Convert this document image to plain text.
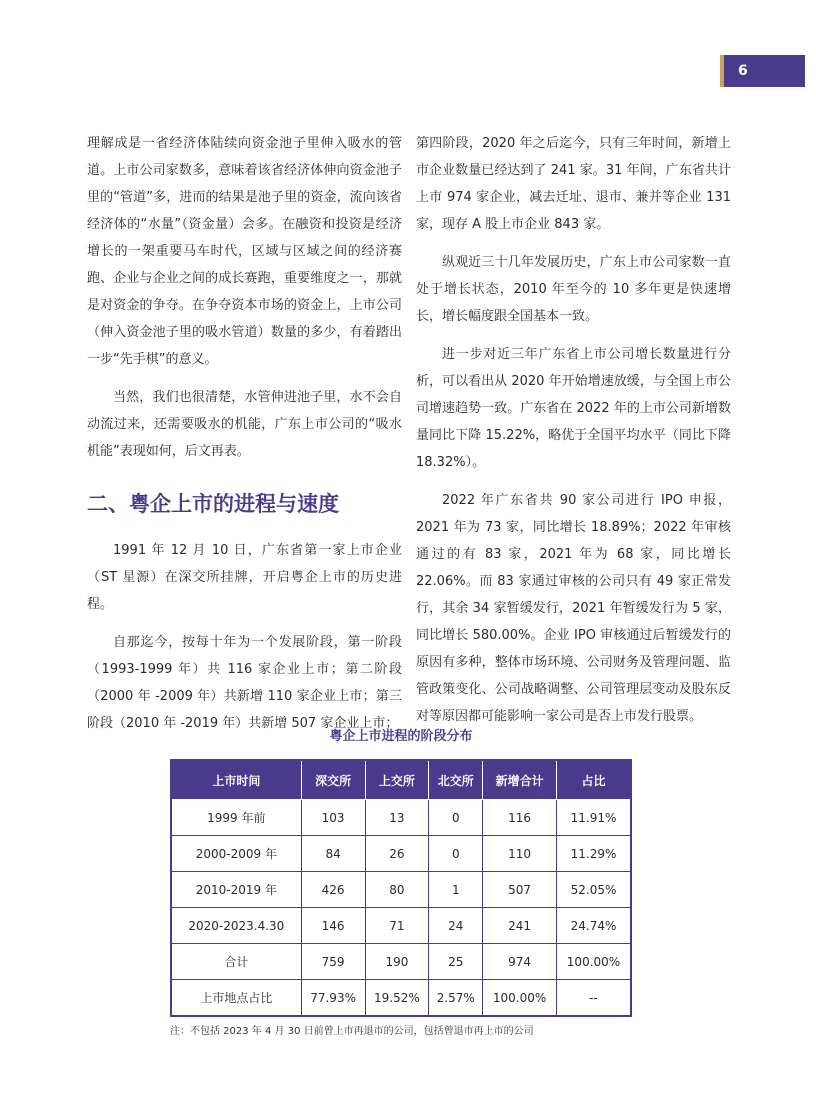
6

理解成是一省经济体陆续向资金池子里伸入吸水的管道。上市公司家数多，意味着该省经济体伸向资金池子里的“管道”多，进而的结果是池子里的资金，流向该省经济体的“水量”（资金量）会多。在融资和投资是经济增长的一架重要马车时代，区域与区域之间的经济赛跑、企业与企业之间的成长赛跑，重要维度之一，那就是对资金的争夺。在争夺资本市场的资金上，上市公司（伸入资金池子里的吸水管道）数量的多少，有着踏出一步“先手棋”的意义。

当然，我们也很清楚，水管伸进池子里，水不会自动流过来，还需要吸水的机能，广东上市公司的“吸水机能”表现如何，后文再表。

二、粤企上市的进程与速度

1991 年 12 月 10 日，广东省第一家上市企业（ST 星源）在深交所挂牌，开启粤企上市的历史进程。

自那迄今，按每十年为一个发展阶段，第一阶段（1993-1999 年）共 116 家企业上市；第二阶段（2000 年 -2009 年）共新增 110 家企业上市；第三阶段（2010 年 -2019 年）共新增 507 家企业上市；

第四阶段，2020 年之后迄今，只有三年时间，新增上市企业数量已经达到了 241 家。31 年间，广东省共计上市 974 家企业，减去迁址、退市、兼并等企业 131 家，现存 A 股上市企业 843 家。

纵观近三十几年发展历史，广东上市公司家数一直处于增长状态，2010 年至今的 10 多年更是快速增长，增长幅度跟全国基本一致。

进一步对近三年广东省上市公司增长数量进行分析，可以看出从 2020 年开始增速放缓，与全国上市公司增速趋势一致。广东省在 2022 年的上市公司新增数量同比下降 15.22%，略优于全国平均水平（同比下降 18.32%）。

2022 年广东省共 90 家公司进行 IPO 申报，2021 年为 73 家，同比增长 18.89%；2022 年审核通过的有 83 家，2021 年为 68 家，同比增长 22.06%。而 83 家通过审核的公司只有 49 家正常发行，其余 34 家暂缓发行，2021 年暂缓发行为 5 家，同比增长 580.00%。企业 IPO 审核通过后暂缓发行的原因有多种，整体市场环境、公司财务及管理问题、监管政策变化、公司战略调整、公司管理层变动及股东反对等原因都可能影响一家公司是否上市发行股票。

粤企上市进程的阶段分布
上市时间	深交所	上交所	北交所	新增合计	占比
1999 年前	103	13	0	116	11.91%
2000-2009 年	84	26	0	110	11.29%
2010-2019 年	426	80	1	507	52.05%
2020-2023.4.30	146	71	24	241	24.74%
合计	759	190	25	974	100.00%
上市地点占比	77.93%	19.52%	2.57%	100.00%	--
注：不包括 2023 年 4 月 30 日前曾上市再退市的公司，包括曾退市再上市的公司
